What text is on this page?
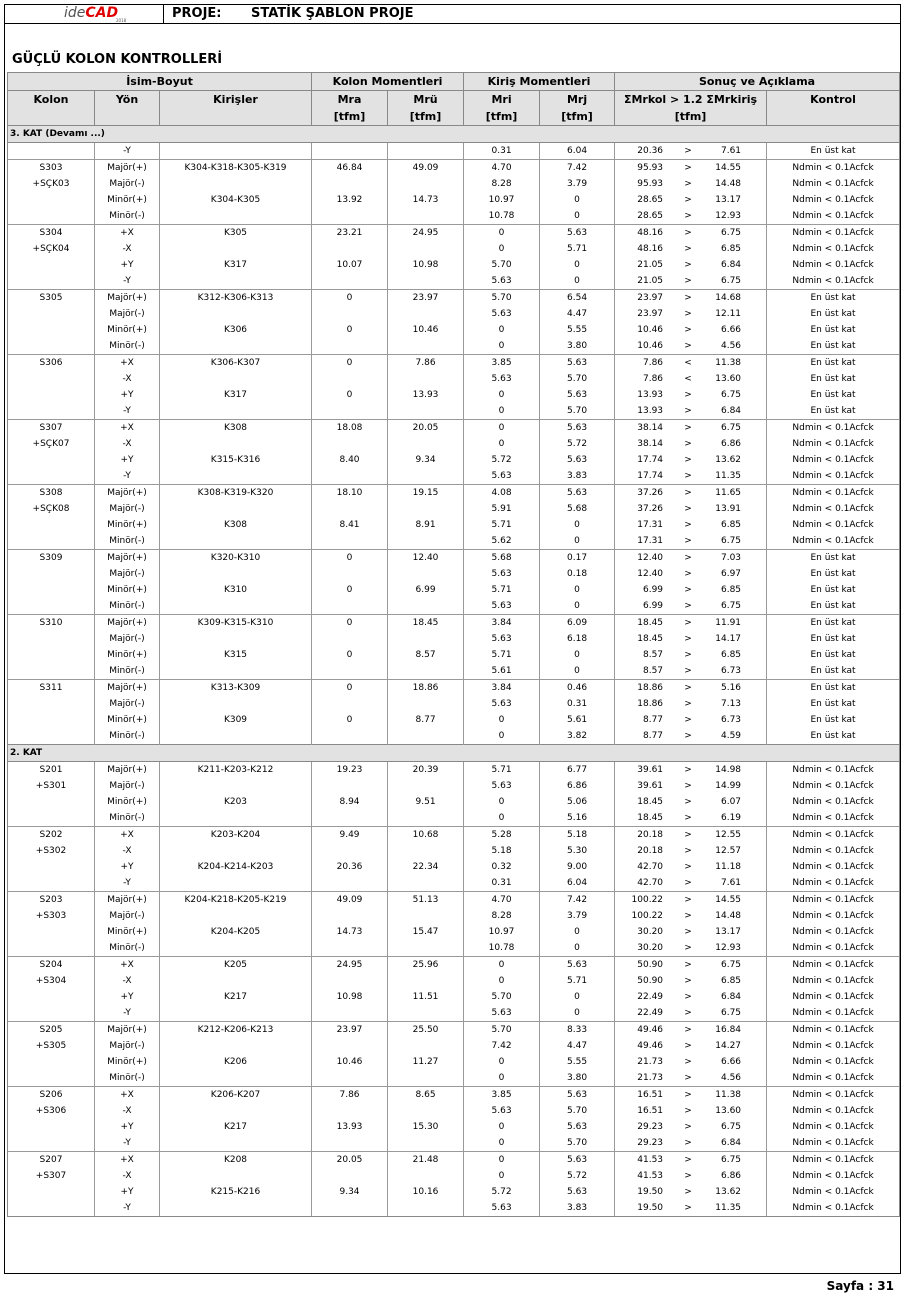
ideCAD
2018	PROJE: STATİK ŞABLON PROJE
GÜÇLÜ KOLON KONTROLLERİ
İsim-Boyut			Kolon Momentleri		Kiriş Momentleri		Sonuç ve Açıklama	
Kolon	Yön	Kirişler	Mra	Mrü	Mri	Mrj	ΣMrkol > 1.2 ΣMrkiriş	Kontrol
			[tfm]	[tfm]	[tfm]	[tfm]	[tfm]	
3. KAT (Devamı ...)								
	-Y				0.31	6.04	20.36 > 7.61	En üst kat
S303	Majör(+)	K304-K318-K305-K319	46.84	49.09	4.70	7.42	95.93 > 14.55	Ndmin < 0.1Acfck
+SÇK03	Majör(-)				8.28	3.79	95.93 > 14.48	Ndmin < 0.1Acfck
	Minör(+)	K304-K305	13.92	14.73	10.97	0	28.65 > 13.17	Ndmin < 0.1Acfck
	Minör(-)				10.78	0	28.65 > 12.93	Ndmin < 0.1Acfck
S304	+X	K305	23.21	24.95	0	5.63	48.16 > 6.75	Ndmin < 0.1Acfck
+SÇK04	-X				0	5.71	48.16 > 6.85	Ndmin < 0.1Acfck
	+Y	K317	10.07	10.98	5.70	0	21.05 > 6.84	Ndmin < 0.1Acfck
	-Y				5.63	0	21.05 > 6.75	Ndmin < 0.1Acfck
S305	Majör(+)	K312-K306-K313	0	23.97	5.70	6.54	23.97 > 14.68	En üst kat
	Majör(-)				5.63	4.47	23.97 > 12.11	En üst kat
	Minör(+)	K306	0	10.46	0	5.55	10.46 > 6.66	En üst kat
	Minör(-)				0	3.80	10.46 > 4.56	En üst kat
S306	+X	K306-K307	0	7.86	3.85	5.63	7.86 < 11.38	En üst kat
	-X				5.63	5.70	7.86 < 13.60	En üst kat
	+Y	K317	0	13.93	0	5.63	13.93 > 6.75	En üst kat
	-Y				0	5.70	13.93 > 6.84	En üst kat
S307	+X	K308	18.08	20.05	0	5.63	38.14 > 6.75	Ndmin < 0.1Acfck
+SÇK07	-X				0	5.72	38.14 > 6.86	Ndmin < 0.1Acfck
	+Y	K315-K316	8.40	9.34	5.72	5.63	17.74 > 13.62	Ndmin < 0.1Acfck
	-Y				5.63	3.83	17.74 > 11.35	Ndmin < 0.1Acfck
S308	Majör(+)	K308-K319-K320	18.10	19.15	4.08	5.63	37.26 > 11.65	Ndmin < 0.1Acfck
+SÇK08	Majör(-)				5.91	5.68	37.26 > 13.91	Ndmin < 0.1Acfck
	Minör(+)	K308	8.41	8.91	5.71	0	17.31 > 6.85	Ndmin < 0.1Acfck
	Minör(-)				5.62	0	17.31 > 6.75	Ndmin < 0.1Acfck
S309	Majör(+)	K320-K310	0	12.40	5.68	0.17	12.40 > 7.03	En üst kat
	Majör(-)				5.63	0.18	12.40 > 6.97	En üst kat
	Minör(+)	K310	0	6.99	5.71	0	6.99 > 6.85	En üst kat
	Minör(-)				5.63	0	6.99 > 6.75	En üst kat
S310	Majör(+)	K309-K315-K310	0	18.45	3.84	6.09	18.45 > 11.91	En üst kat
	Majör(-)				5.63	6.18	18.45 > 14.17	En üst kat
	Minör(+)	K315	0	8.57	5.71	0	8.57 > 6.85	En üst kat
	Minör(-)				5.61	0	8.57 > 6.73	En üst kat
S311	Majör(+)	K313-K309	0	18.86	3.84	0.46	18.86 > 5.16	En üst kat
	Majör(-)				5.63	0.31	18.86 > 7.13	En üst kat
	Minör(+)	K309	0	8.77	0	5.61	8.77 > 6.73	En üst kat
	Minör(-)				0	3.82	8.77 > 4.59	En üst kat
2. KAT								
S201	Majör(+)	K211-K203-K212	19.23	20.39	5.71	6.77	39.61 > 14.98	Ndmin < 0.1Acfck
+S301	Majör(-)				5.63	6.86	39.61 > 14.99	Ndmin < 0.1Acfck
	Minör(+)	K203	8.94	9.51	0	5.06	18.45 > 6.07	Ndmin < 0.1Acfck
	Minör(-)				0	5.16	18.45 > 6.19	Ndmin < 0.1Acfck
S202	+X	K203-K204	9.49	10.68	5.28	5.18	20.18 > 12.55	Ndmin < 0.1Acfck
+S302	-X				5.18	5.30	20.18 > 12.57	Ndmin < 0.1Acfck
	+Y	K204-K214-K203	20.36	22.34	0.32	9.00	42.70 > 11.18	Ndmin < 0.1Acfck
	-Y				0.31	6.04	42.70 > 7.61	Ndmin < 0.1Acfck
S203	Majör(+)	K204-K218-K205-K219	49.09	51.13	4.70	7.42	100.22 > 14.55	Ndmin < 0.1Acfck
+S303	Majör(-)				8.28	3.79	100.22 > 14.48	Ndmin < 0.1Acfck
	Minör(+)	K204-K205	14.73	15.47	10.97	0	30.20 > 13.17	Ndmin < 0.1Acfck
	Minör(-)				10.78	0	30.20 > 12.93	Ndmin < 0.1Acfck
S204	+X	K205	24.95	25.96	0	5.63	50.90 > 6.75	Ndmin < 0.1Acfck
+S304	-X				0	5.71	50.90 > 6.85	Ndmin < 0.1Acfck
	+Y	K217	10.98	11.51	5.70	0	22.49 > 6.84	Ndmin < 0.1Acfck
	-Y				5.63	0	22.49 > 6.75	Ndmin < 0.1Acfck
S205	Majör(+)	K212-K206-K213	23.97	25.50	5.70	8.33	49.46 > 16.84	Ndmin < 0.1Acfck
+S305	Majör(-)				7.42	4.47	49.46 > 14.27	Ndmin < 0.1Acfck
	Minör(+)	K206	10.46	11.27	0	5.55	21.73 > 6.66	Ndmin < 0.1Acfck
	Minör(-)				0	3.80	21.73 > 4.56	Ndmin < 0.1Acfck
S206	+X	K206-K207	7.86	8.65	3.85	5.63	16.51 > 11.38	Ndmin < 0.1Acfck
+S306	-X				5.63	5.70	16.51 > 13.60	Ndmin < 0.1Acfck
	+Y	K217	13.93	15.30	0	5.63	29.23 > 6.75	Ndmin < 0.1Acfck
	-Y				0	5.70	29.23 > 6.84	Ndmin < 0.1Acfck
S207	+X	K208	20.05	21.48	0	5.63	41.53 > 6.75	Ndmin < 0.1Acfck
+S307	-X				0	5.72	41.53 > 6.86	Ndmin < 0.1Acfck
	+Y	K215-K216	9.34	10.16	5.72	5.63	19.50 > 13.62	Ndmin < 0.1Acfck
	-Y				5.63	3.83	19.50 > 11.35	Ndmin < 0.1Acfck
Sayfa : 31
